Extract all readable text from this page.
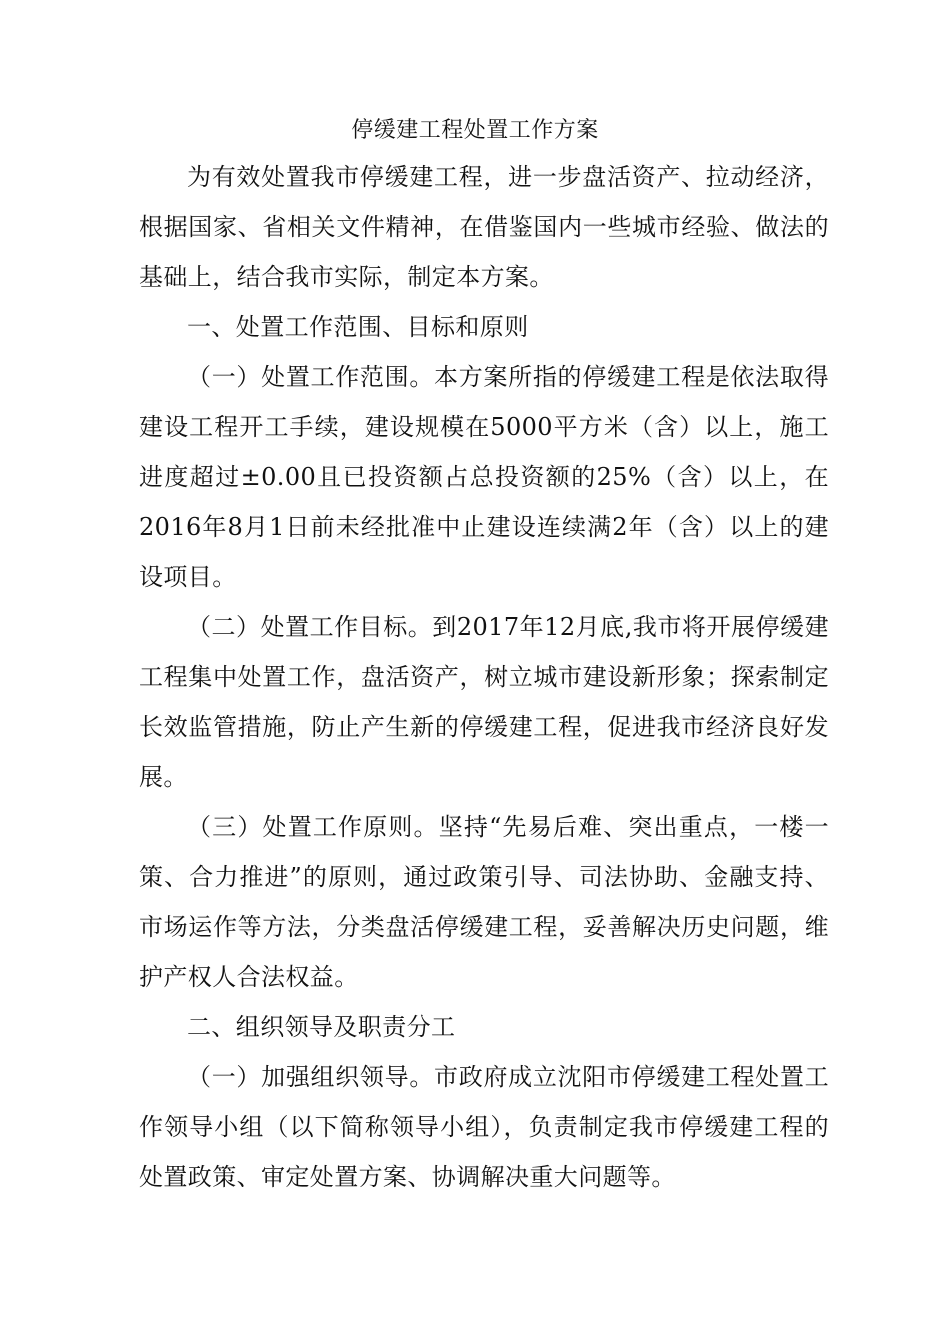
停缓建工程处置工作方案

为有效处置我市停缓建工程，进一步盘活资产、拉动经济，根据国家、省相关文件精神，在借鉴国内一些城市经验、做法的基础上，结合我市实际，制定本方案。

一、处置工作范围、目标和原则

（一）处置工作范围。本方案所指的停缓建工程是依法取得建设工程开工手续，建设规模在5000平方米（含）以上，施工进度超过±0.00且已投资额占总投资额的25%（含）以上，在2016年8月1日前未经批准中止建设连续满2年（含）以上的建设项目。

（二）处置工作目标。到2017年12月底,我市将开展停缓建工程集中处置工作，盘活资产，树立城市建设新形象；探索制定长效监管措施，防止产生新的停缓建工程，促进我市经济良好发展。

（三）处置工作原则。坚持“先易后难、突出重点，一楼一策、合力推进”的原则，通过政策引导、司法协助、金融支持、市场运作等方法，分类盘活停缓建工程，妥善解决历史问题，维护产权人合法权益。

二、组织领导及职责分工

（一）加强组织领导。市政府成立沈阳市停缓建工程处置工作领导小组（以下简称领导小组），负责制定我市停缓建工程的处置政策、审定处置方案、协调解决重大问题等。
